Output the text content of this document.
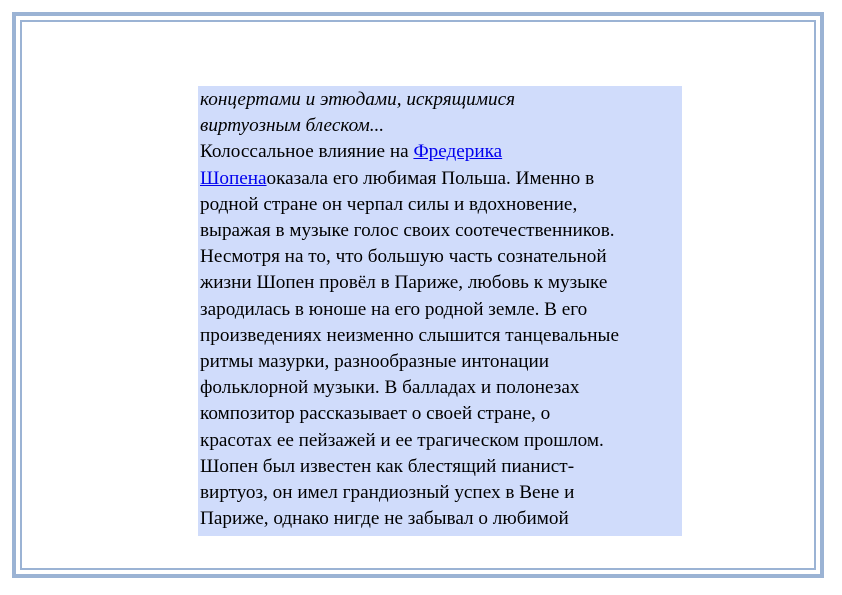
концертами и этюдами, искрящимися
виртуозным блеском...
Колоссальное влияние на Фредерика
Шопенаоказала его любимая Польша. Именно в
родной стране он черпал силы и вдохновение,
выражая в музыке голос своих соотечественников.
Несмотря на то, что большую часть сознательной
жизни Шопен провёл в Париже, любовь к музыке
зародилась в юноше на его родной земле. В его
произведениях неизменно слышится танцевальные
ритмы мазурки, разнообразные интонации
фольклорной музыки. В балладах и полонезах
композитор рассказывает о своей стране, о
красотах ее пейзажей и ее трагическом прошлом.
Шопен был известен как блестящий пианист-
виртуоз, он имел грандиозный успех в Вене и
Париже, однако нигде не забывал о любимой
